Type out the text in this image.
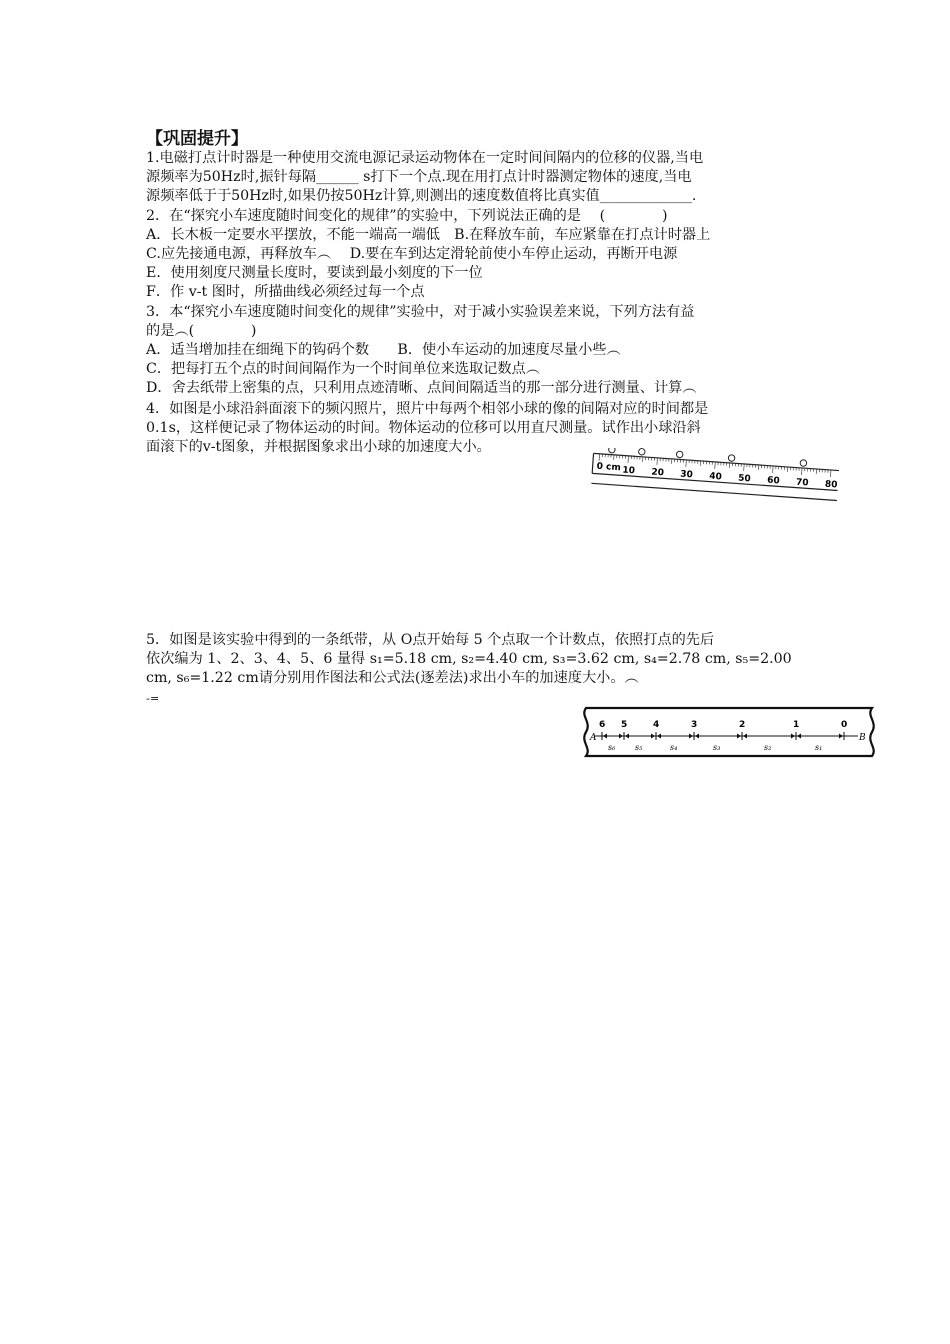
【巩固提升】
1.电磁打点计时器是一种使用交流电源记录运动物体在一定时间间隔内的位移的仪器,当电
源频率为50Hz时,振针每隔______ s打下一个点.现在用打点计时器测定物体的速度,当电
源频率低于于50Hz时,如果仍按50Hz计算,则测出的速度数值将比真实值_____________.
2．在“探究小车速度随时间变化的规律”的实验中，下列说法正确的是　 (　　　　)
A．长木板一定要水平摆放，不能一端高一端低　B.在释放车前，车应紧靠在打点计时器上
C.应先接通电源，再释放车︵　 D.要在车到达定滑轮前使小车停止运动，再断开电源
E．使用刻度尺测量长度时，要读到最小刻度的下一位
F．作 v-t 图时，所描曲线必须经过每一个点
3．本“探究小车速度随时间变化的规律”实验中，对于减小实验误差来说，下列方法有益
的是︵(　　　　)
A．适当增加挂在细绳下的钩码个数　　B．使小车运动的加速度尽量小些︵
C．把每打五个点的时间间隔作为一个时间单位来选取记数点︵
D．舍去纸带上密集的点，只利用点迹清晰、点间间隔适当的那一部分进行测量、计算︵
4．如图是小球沿斜面滚下的频闪照片，照片中每两个相邻小球的像的间隔对应的时间都是
0.1s，这样便记录了物体运动的时间。物体运动的位移可以用直尺测量。试作出小球沿斜
面滚下的v-t图象，并根据图象求出小球的加速度大小。
0 cm 10 20 30 40 50 60 70 80
5．如图是该实验中得到的一条纸带，从 O点开始每 5 个点取一个计数点，依照打点的先后
依次编为 1、2、3、4、5、6 量得 s₁=5.18 cm, s₂=4.40 cm, s₃=3.62 cm, s₄=2.78 cm, s₅=2.00
cm, s₆=1.22 cm请分别用作图法和公式法(逐差法)求出小车的加速度大小。︵
-=
A	B
6 5	4	3	2	1	0
s₆ s₅	s₄	s₃	s₂	s₁
